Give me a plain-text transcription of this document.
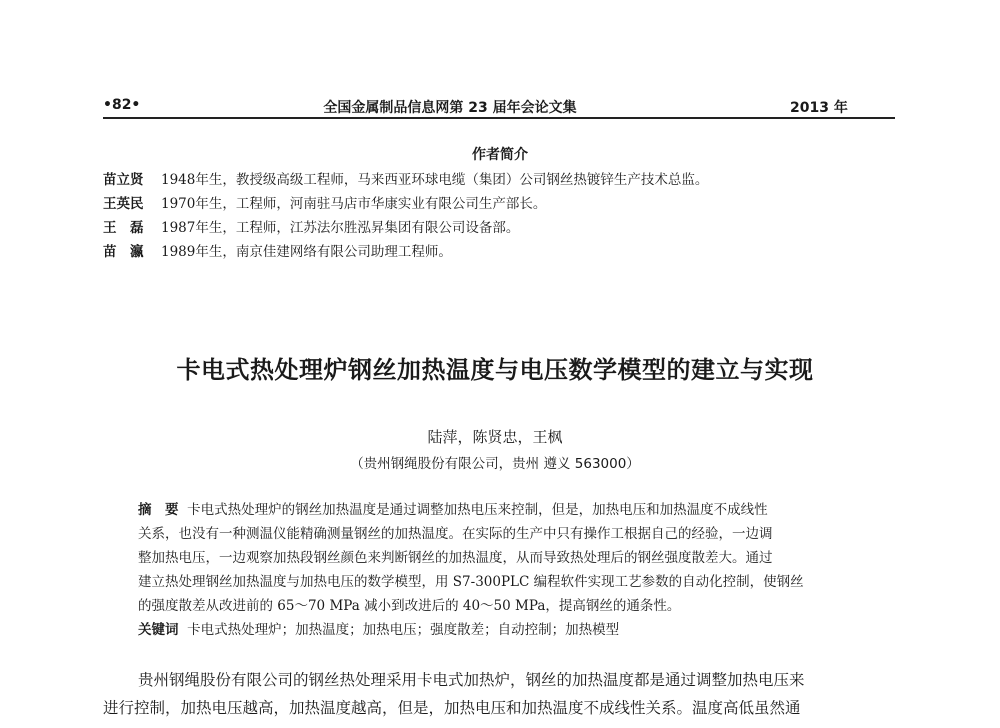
•82•	全国金属制品信息网第 23 届年会论文集	2013 年
作者简介
苗立贤 1948年生，教授级高级工程师，马来西亚环球电缆（集团）公司钢丝热镀锌生产技术总监。
王英民 1970年生，工程师，河南驻马店市华康实业有限公司生产部长。
王　磊 1987年生，工程师，江苏法尔胜泓昇集团有限公司设备部。
苗　瀛 1989年生，南京佳建网络有限公司助理工程师。
卡电式热处理炉钢丝加热温度与电压数学模型的建立与实现
陆萍，陈贤忠，王枫
（贵州钢绳股份有限公司，贵州 遵义 563000）
摘　要 卡电式热处理炉的钢丝加热温度是通过调整加热电压来控制，但是，加热电压和加热温度不成线性
关系，也没有一种测温仪能精确测量钢丝的加热温度。在实际的生产中只有操作工根据自己的经验，一边调
整加热电压，一边观察加热段钢丝颜色来判断钢丝的加热温度，从而导致热处理后的钢丝强度散差大。通过
建立热处理钢丝加热温度与加热电压的数学模型，用 S7-300PLC 编程软件实现工艺参数的自动化控制，使钢丝
的强度散差从改进前的 65～70 MPa 减小到改进后的 40～50 MPa，提高钢丝的通条性。
关键词 卡电式热处理炉；加热温度；加热电压；强度散差；自动控制；加热模型
贵州钢绳股份有限公司的钢丝热处理采用卡电式加热炉，钢丝的加热温度都是通过调整加热电压来
进行控制，加热电压越高，加热温度越高，但是，加热电压和加热温度不成线性关系。温度高低虽然通
